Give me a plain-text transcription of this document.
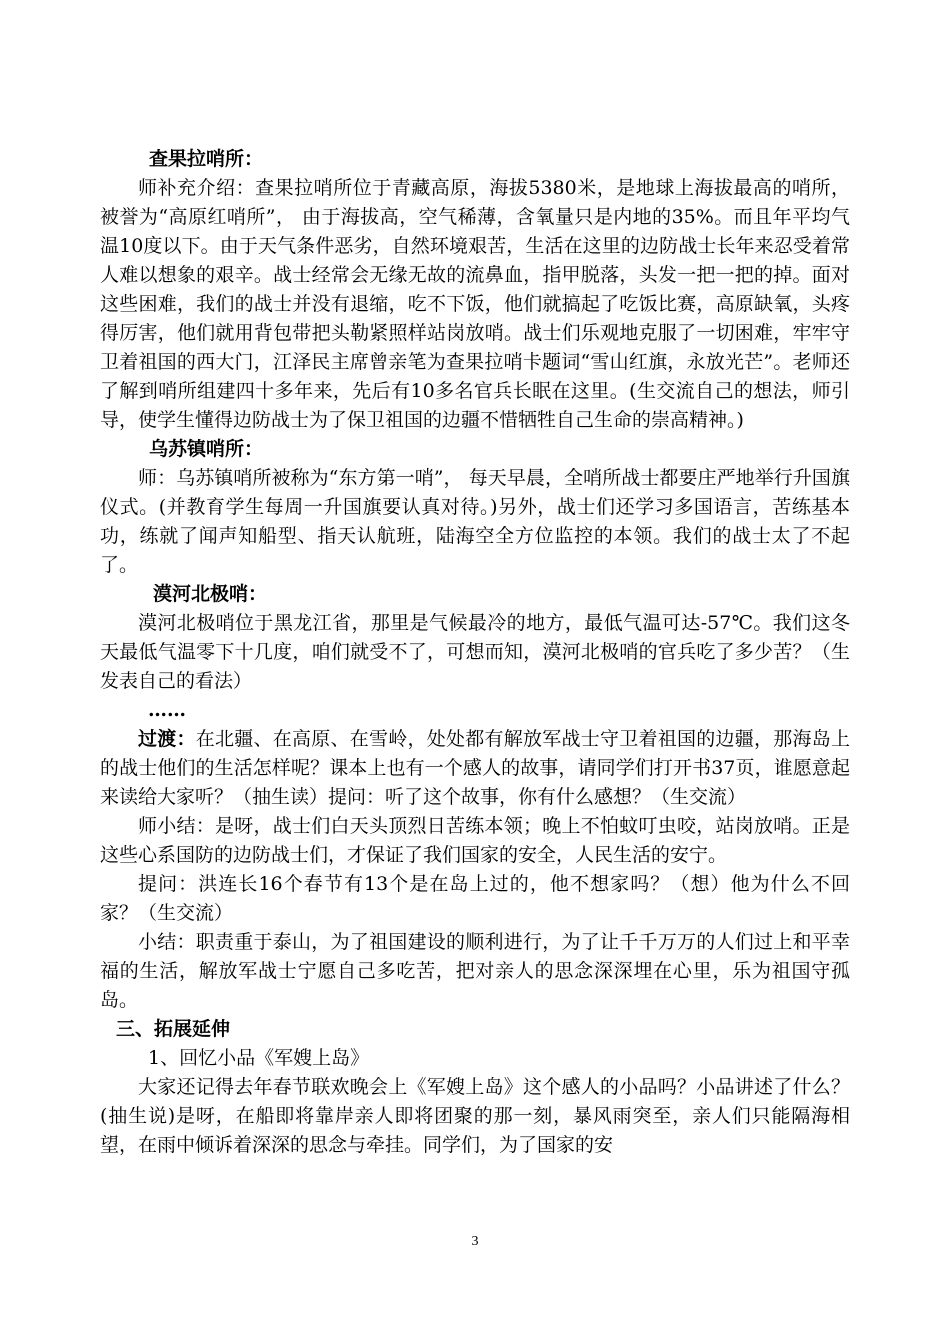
查果拉哨所：

师补充介绍：查果拉哨所位于青藏高原，海拔5380米，是地球上海拔最高的哨所，被誉为“高原红哨所”， 由于海拔高，空气稀薄，含氧量只是内地的35%。而且年平均气温10度以下。由于天气条件恶劣，自然环境艰苦，生活在这里的边防战士长年来忍受着常人难以想象的艰辛。战士经常会无缘无故的流鼻血，指甲脱落，头发一把一把的掉。面对这些困难，我们的战士并没有退缩，吃不下饭，他们就搞起了吃饭比赛，高原缺氧，头疼得厉害，他们就用背包带把头勒紧照样站岗放哨。战士们乐观地克服了一切困难，牢牢守卫着祖国的西大门，江泽民主席曾亲笔为查果拉哨卡题词“雪山红旗，永放光芒”。老师还了解到哨所组建四十多年来，先后有10多名官兵长眠在这里。(生交流自己的想法，师引导，使学生懂得边防战士为了保卫祖国的边疆不惜牺牲自己生命的崇高精神。)

乌苏镇哨所：

师：乌苏镇哨所被称为“东方第一哨”， 每天早晨，全哨所战士都要庄严地举行升国旗仪式。(并教育学生每周一升国旗要认真对待。)另外，战士们还学习多国语言，苦练基本功，练就了闻声知船型、指天认航班，陆海空全方位监控的本领。我们的战士太了不起了。

漠河北极哨：

漠河北极哨位于黑龙江省，那里是气候最冷的地方，最低气温可达-57℃。我们这冬天最低气温零下十几度，咱们就受不了，可想而知，漠河北极哨的官兵吃了多少苦？（生发表自己的看法）

……

过渡：在北疆、在高原、在雪岭，处处都有解放军战士守卫着祖国的边疆，那海岛上的战士他们的生活怎样呢？课本上也有一个感人的故事，请同学们打开书37页，谁愿意起来读给大家听？（抽生读）提问：听了这个故事，你有什么感想？（生交流）

师小结：是呀，战士们白天头顶烈日苦练本领；晚上不怕蚊叮虫咬，站岗放哨。正是这些心系国防的边防战士们，才保证了我们国家的安全，人民生活的安宁。

提问：洪连长16个春节有13个是在岛上过的，他不想家吗？（想）他为什么不回家？（生交流）

小结：职责重于泰山，为了祖国建设的顺利进行，为了让千千万万的人们过上和平幸福的生活，解放军战士宁愿自己多吃苦，把对亲人的思念深深埋在心里，乐为祖国守孤岛。

三、拓展延伸

1、回忆小品《军嫂上岛》

大家还记得去年春节联欢晚会上《军嫂上岛》这个感人的小品吗？小品讲述了什么？(抽生说)是呀，在船即将靠岸亲人即将团聚的那一刻，暴风雨突至，亲人们只能隔海相望，在雨中倾诉着深深的思念与牵挂。同学们，为了国家的安

3
